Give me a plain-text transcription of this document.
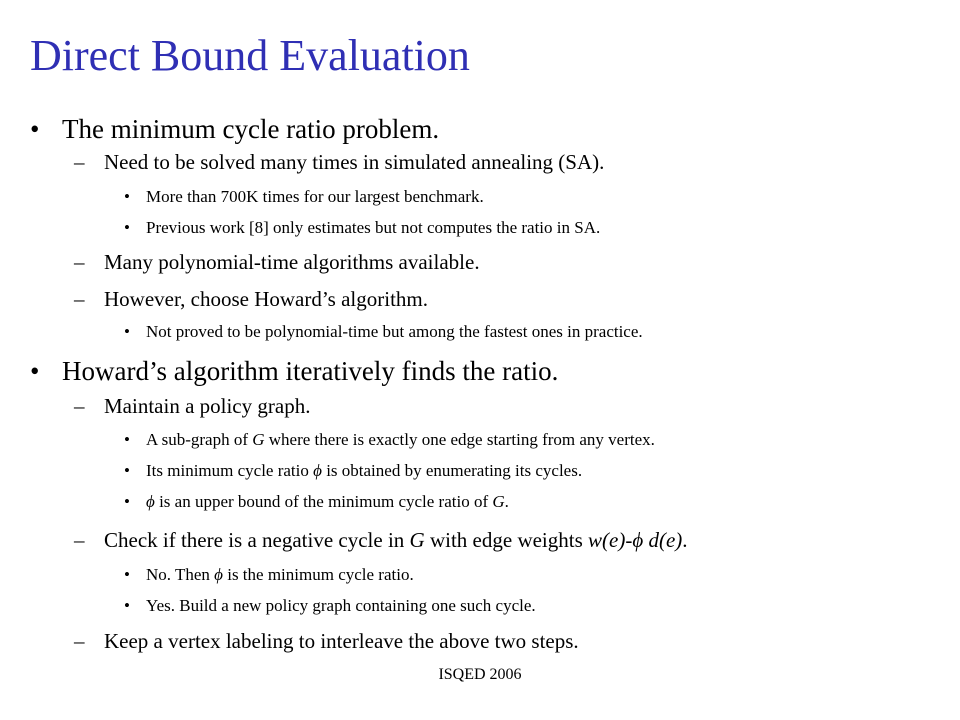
Direct Bound Evaluation
• The minimum cycle ratio problem.
– Need to be solved many times in simulated annealing (SA).
• More than 700K times for our largest benchmark.
• Previous work [8] only estimates but not computes the ratio in SA.
– Many polynomial-time algorithms available.
– However, choose Howard’s algorithm.
• Not proved to be polynomial-time but among the fastest ones in practice.
• Howard’s algorithm iteratively finds the ratio.
– Maintain a policy graph.
• A sub-graph of G where there is exactly one edge starting from any vertex.
• Its minimum cycle ratio ϕ is obtained by enumerating its cycles.
• ϕ is an upper bound of the minimum cycle ratio of G.
– Check if there is a negative cycle in G with edge weights w(e)-ϕ d(e).
• No. Then ϕ is the minimum cycle ratio.
• Yes. Build a new policy graph containing one such cycle.
– Keep a vertex labeling to interleave the above two steps.
ISQED 2006
